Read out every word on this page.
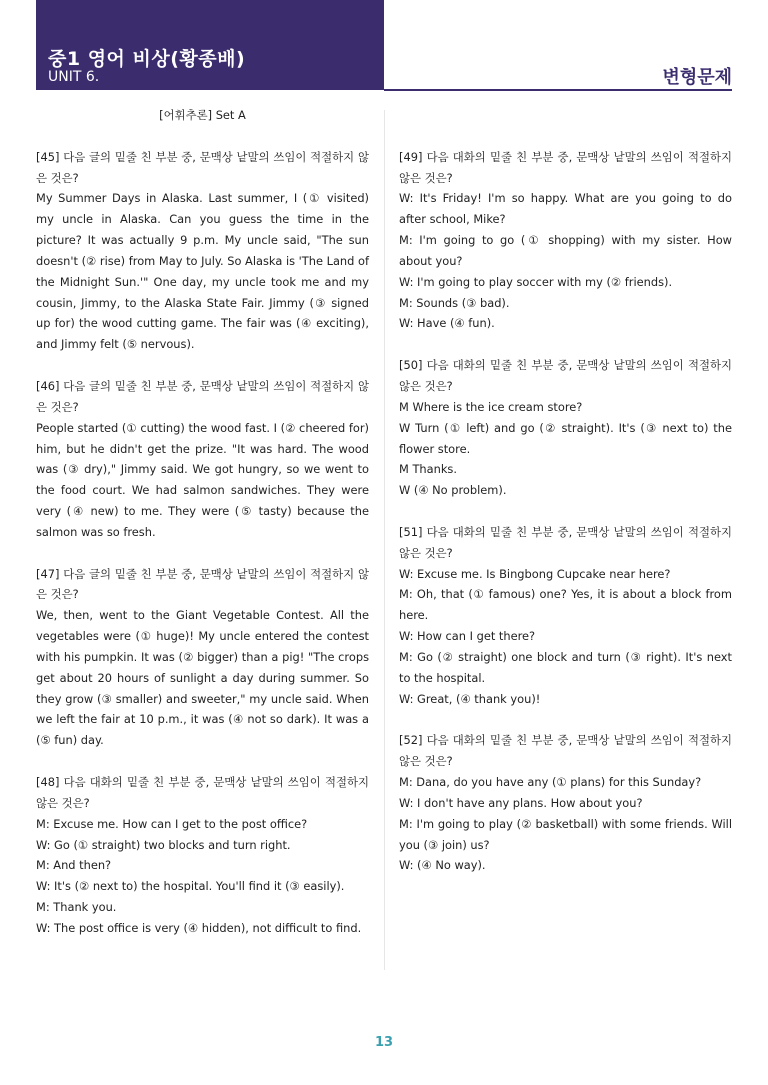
중1 영어 비상(황종배)
UNIT 6.	변형문제
[어휘추론] Set A

[45] 다음 글의 밑줄 친 부분 중, 문맥상 낱말의 쓰임이 적절하지 않은 것은?

My Summer Days in Alaska. Last summer, I (① visited) my uncle in Alaska. Can you guess the time in the picture? It was actually 9 p.m. My uncle said, "The sun doesn't (② rise) from May to July. So Alaska is 'The Land of the Midnight Sun.'" One day, my uncle took me and my cousin, Jimmy, to the Alaska State Fair. Jimmy (③ signed up for) the wood cutting game. The fair was (④ exciting), and Jimmy felt (⑤ nervous).

[46] 다음 글의 밑줄 친 부분 중, 문맥상 낱말의 쓰임이 적절하지 않은 것은?

People started (① cutting) the wood fast. I (② cheered for) him, but he didn't get the prize. "It was hard. The wood was (③ dry)," Jimmy said. We got hungry, so we went to the food court. We had salmon sandwiches. They were very (④ new) to me. They were (⑤ tasty) because the salmon was so fresh.

[47] 다음 글의 밑줄 친 부분 중, 문맥상 낱말의 쓰임이 적절하지 않은 것은?

We, then, went to the Giant Vegetable Contest. All the vegetables were (① huge)! My uncle entered the contest with his pumpkin. It was (② bigger) than a pig! "The crops get about 20 hours of sunlight a day during summer. So they grow (③ smaller) and sweeter," my uncle said. When we left the fair at 10 p.m., it was (④ not so dark). It was a (⑤ fun) day.

[48] 다음 대화의 밑줄 친 부분 중, 문맥상 낱말의 쓰임이 적절하지 않은 것은?

M: Excuse me. How can I get to the post office?

W: Go (① straight) two blocks and turn right.

M: And then?

W: It's (② next to) the hospital. You'll find it (③ easily).

M: Thank you.

W: The post office is very (④ hidden), not difficult to find.

[49] 다음 대화의 밑줄 친 부분 중, 문맥상 낱말의 쓰임이 적절하지 않은 것은?

W: It's Friday! I'm so happy. What are you going to do after school, Mike?

M: I'm going to go (① shopping) with my sister. How about you?

W: I'm going to play soccer with my (② friends).

M: Sounds (③ bad).

W: Have (④ fun).

[50] 다음 대화의 밑줄 친 부분 중, 문맥상 낱말의 쓰임이 적절하지 않은 것은?

M Where is the ice cream store?

W Turn (① left) and go (② straight). It's (③ next to) the flower store.

M Thanks.

W (④ No problem).

[51] 다음 대화의 밑줄 친 부분 중, 문맥상 낱말의 쓰임이 적절하지 않은 것은?

W: Excuse me. Is Bingbong Cupcake near here?

M: Oh, that (① famous) one? Yes, it is about a block from here.

W: How can I get there?

M: Go (② straight) one block and turn (③ right). It's next to the hospital.

W: Great, (④ thank you)!

[52] 다음 대화의 밑줄 친 부분 중, 문맥상 낱말의 쓰임이 적절하지 않은 것은?

M: Dana, do you have any (① plans) for this Sunday?

W: I don't have any plans. How about you?

M: I'm going to play (② basketball) with some friends. Will you (③ join) us?

W: (④ No way).

13
